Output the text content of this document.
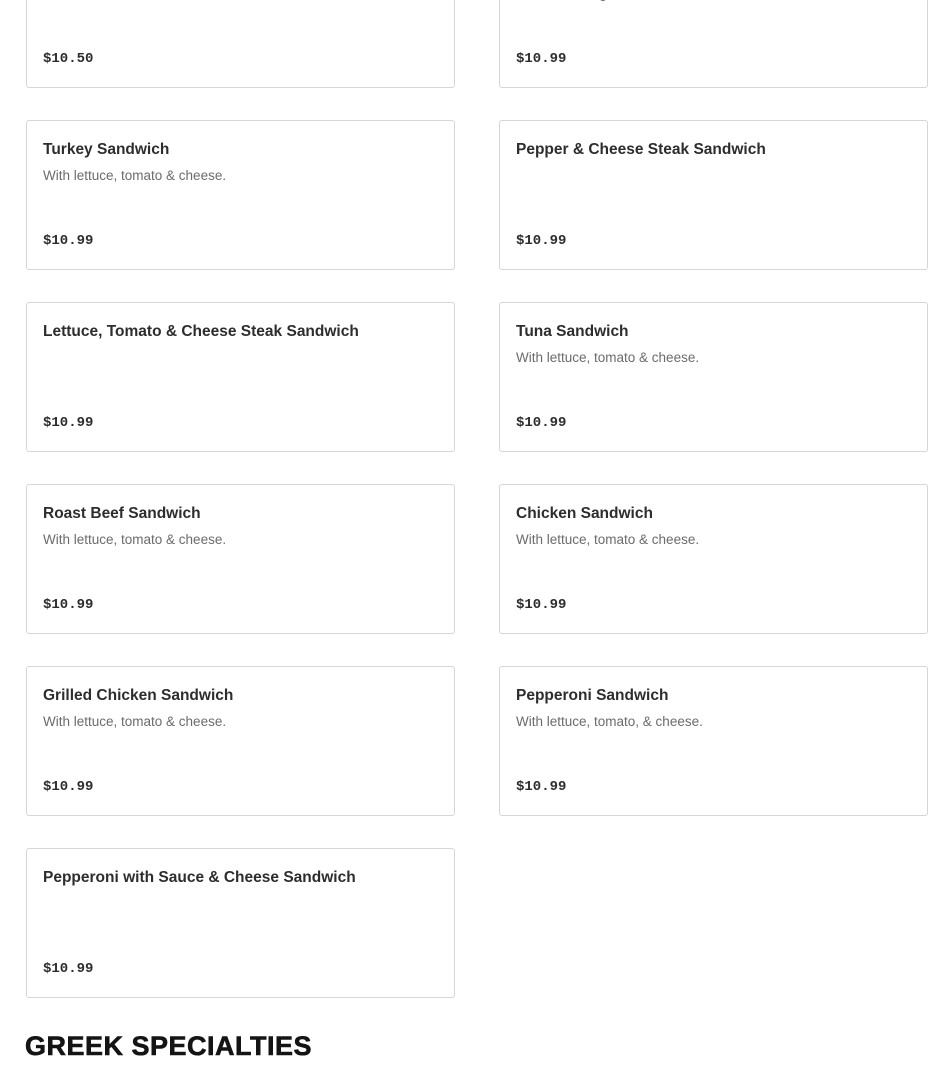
$10.50	$10.99
Turkey Sandwich
With lettuce, tomato & cheese.
$10.99
Pepper & Cheese Steak Sandwich
$10.99
Lettuce, Tomato & Cheese Steak Sandwich
$10.99
Tuna Sandwich
With lettuce, tomato & cheese.
$10.99
Roast Beef Sandwich
With lettuce, tomato & cheese.
$10.99
Chicken Sandwich
With lettuce, tomato & cheese.
$10.99
Grilled Chicken Sandwich
With lettuce, tomato & cheese.
$10.99
Pepperoni Sandwich
With lettuce, tomato, & cheese.
$10.99
Pepperoni with Sauce & Cheese Sandwich
$10.99
GREEK SPECIALTIES
